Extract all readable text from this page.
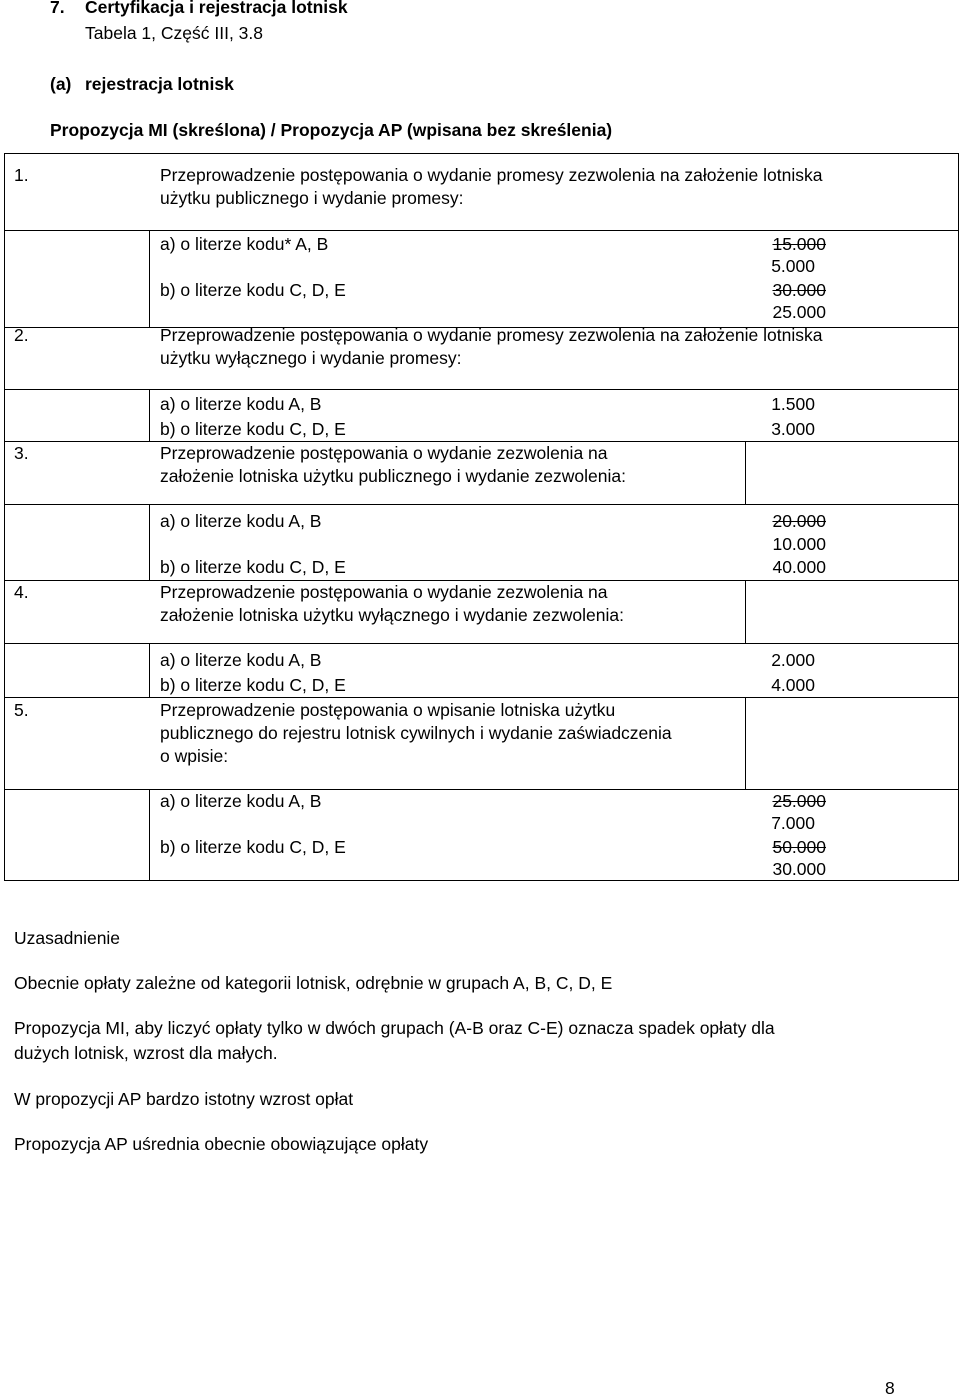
7. Certyfikacja i rejestracja lotnisk
Tabela 1, Część III, 3.8
(a) rejestracja lotnisk
Propozycja MI (skreślona) / Propozycja AP (wpisana bez skreślenia)
1.	Przeprowadzenie postępowania o wydanie promesy zezwolenia na założenie lotniska
użytku publicznego i wydanie promesy:
a) o literze kodu* A, B	15.000
5.000
b) o literze kodu C, D, E	30.000
25.000
2.	Przeprowadzenie postępowania o wydanie promesy zezwolenia na założenie lotniska
użytku wyłącznego i wydanie promesy:
a) o literze kodu A, B	1.500
b) o literze kodu C, D, E	3.000
3.	Przeprowadzenie postępowania o wydanie zezwolenia na
założenie lotniska użytku publicznego i wydanie zezwolenia:
a) o literze kodu A, B	20.000
10.000
b) o literze kodu C, D, E	40.000
4.	Przeprowadzenie postępowania o wydanie zezwolenia na
założenie lotniska użytku wyłącznego i wydanie zezwolenia:
a) o literze kodu A, B	2.000
b) o literze kodu C, D, E	4.000
5.	Przeprowadzenie postępowania o wpisanie lotniska użytku
publicznego do rejestru lotnisk cywilnych i wydanie zaświadczenia
o wpisie:
a) o literze kodu A, B	25.000
7.000
b) o literze kodu C, D, E	50.000
30.000
Uzasadnienie
Obecnie opłaty zależne od kategorii lotnisk, odrębnie w grupach A, B, C, D, E
Propozycja MI, aby liczyć opłaty tylko w dwóch grupach (A-B oraz C-E) oznacza spadek opłaty dla
dużych lotnisk, wzrost dla małych.
W propozycji AP bardzo istotny wzrost opłat
Propozycja AP uśrednia obecnie obowiązujące opłaty
8
